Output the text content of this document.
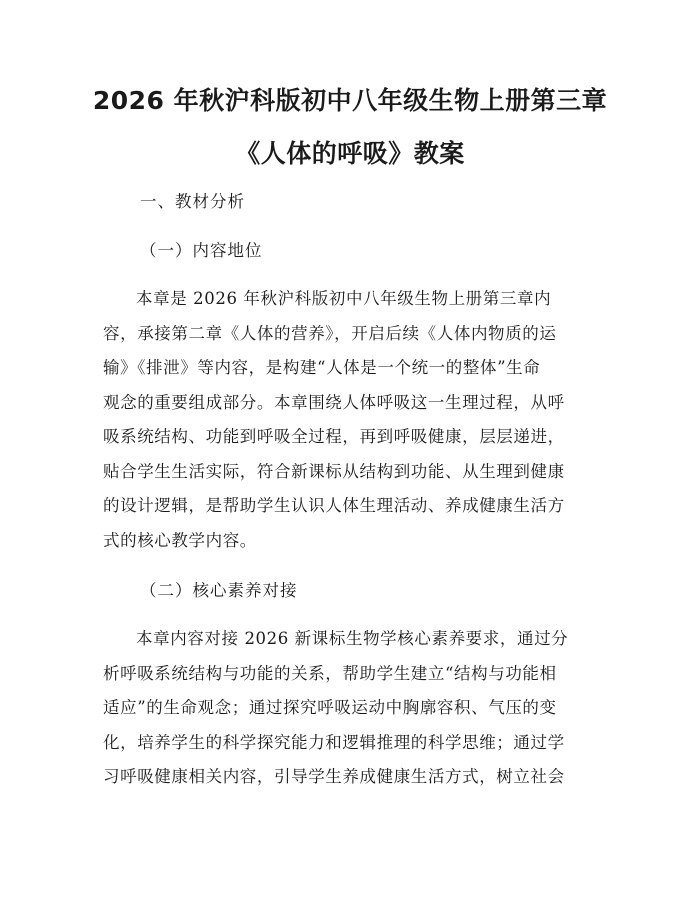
2026 年秋沪科版初中八年级生物上册第三章
《人体的呼吸》教案
一、教材分析
（一）内容地位
本章是 2026 年秋沪科版初中八年级生物上册第三章内
容，承接第二章《人体的营养》，开启后续《人体内物质的运
输》《排泄》等内容，是构建“人体是一个统一的整体”生命
观念的重要组成部分。本章围绕人体呼吸这一生理过程，从呼
吸系统结构、功能到呼吸全过程，再到呼吸健康，层层递进，
贴合学生生活实际，符合新课标从结构到功能、从生理到健康
的设计逻辑，是帮助学生认识人体生理活动、养成健康生活方
式的核心教学内容。
（二）核心素养对接
本章内容对接 2026 新课标生物学核心素养要求，通过分
析呼吸系统结构与功能的关系，帮助学生建立“结构与功能相
适应”的生命观念；通过探究呼吸运动中胸廓容积、气压的变
化，培养学生的科学探究能力和逻辑推理的科学思维；通过学
习呼吸健康相关内容，引导学生养成健康生活方式，树立社会
